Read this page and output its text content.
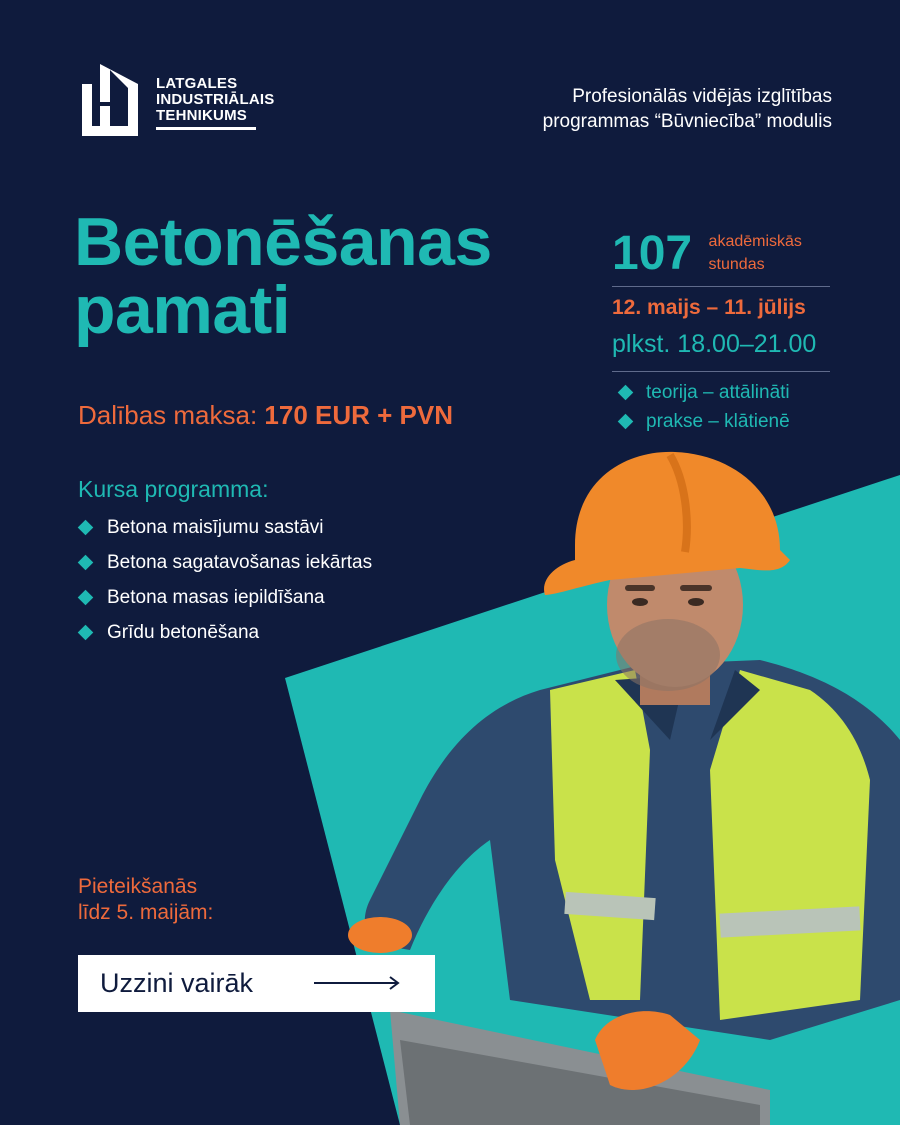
LATGALES
INDUSTRIĀLAIS
TEHNIKUMS
Profesionālās vidējās izglītības
programmas “Būvniecība” modulis
Betonēšanas
pamati
Dalības maksa: 170 EUR + PVN
107 akadēmiskās
stundas
12. maijs – 11. jūlijs
plkst. 18.00–21.00
teorija – attālināti
prakse – klātienē
Kursa programma:
Betona maisījumu sastāvi
Betona sagatavošanas iekārtas
Betona masas iepildīšana
Grīdu betonēšana
Pieteikšanās
līdz 5. maijām:
Uzzini vairāk
